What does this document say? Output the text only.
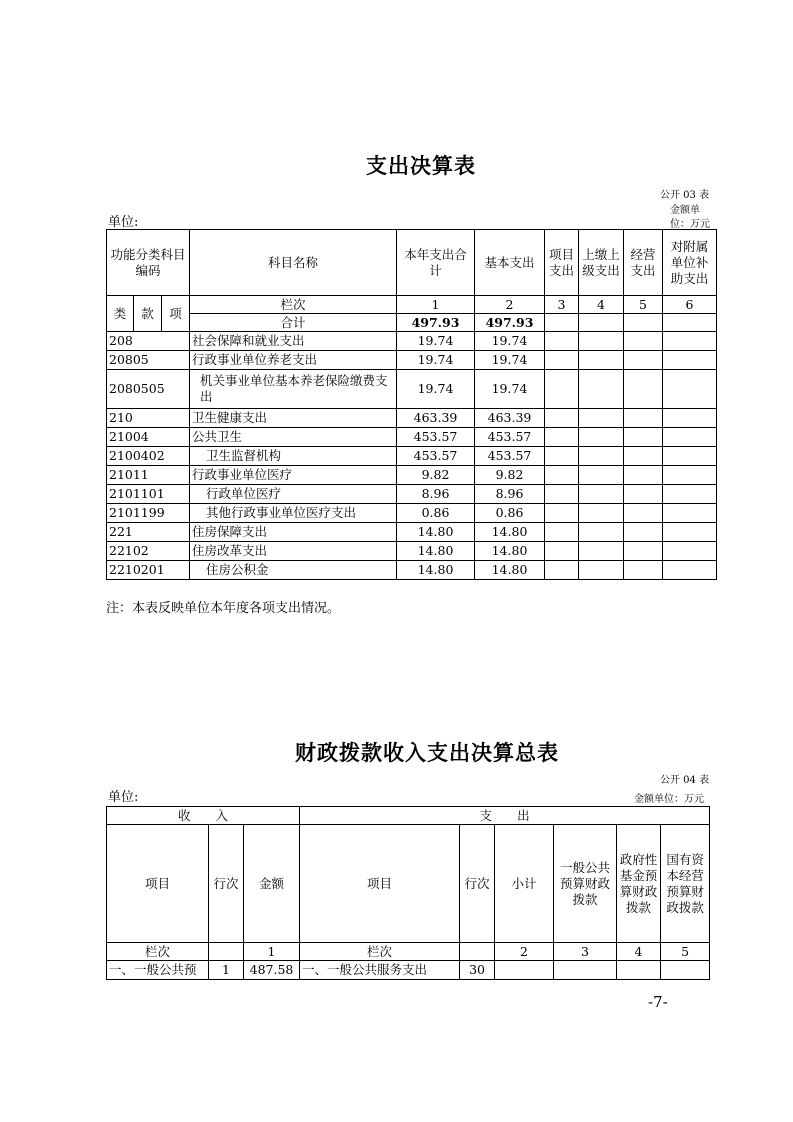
支出决算表
公开 03 表
金额单
位：万元
单位:
功能分类科目编码			科目名称	本年支出合计	基本支出	项目支出	上缴上级支出	经营支出	对附属单位补助支出
类	款	项	栏次	1	2	3	4	5	6
			合计	497.93	497.93				
208			社会保障和就业支出	19.74	19.74				
20805			行政事业单位养老支出	19.74	19.74				
2080505			机关事业单位基本养老保险缴费支出	19.74	19.74				
210			卫生健康支出	463.39	463.39				
21004			公共卫生	453.57	453.57				
2100402			卫生监督机构	453.57	453.57				
21011			行政事业单位医疗	9.82	9.82				
2101101			行政单位医疗	8.96	8.96				
2101199			其他行政事业单位医疗支出	0.86	0.86				
221			住房保障支出	14.80	14.80				
22102			住房改革支出	14.80	14.80				
2210201			住房公积金	14.80	14.80				
注：本表反映单位本年度各项支出情况。
财政拨款收入支出决算总表
公开 04 表
单位:	金额单位：万元
收　　入			支　　出					
项目	行次	金额	项目	行次	小计	一般公共预算财政拨款	政府性基金预算财政拨款	国有资本经营预算财政拨款
栏次		1	栏次		2	3	4	5
一、一般公共预	1	487.58	一、一般公共服务支出	30				
-7-
